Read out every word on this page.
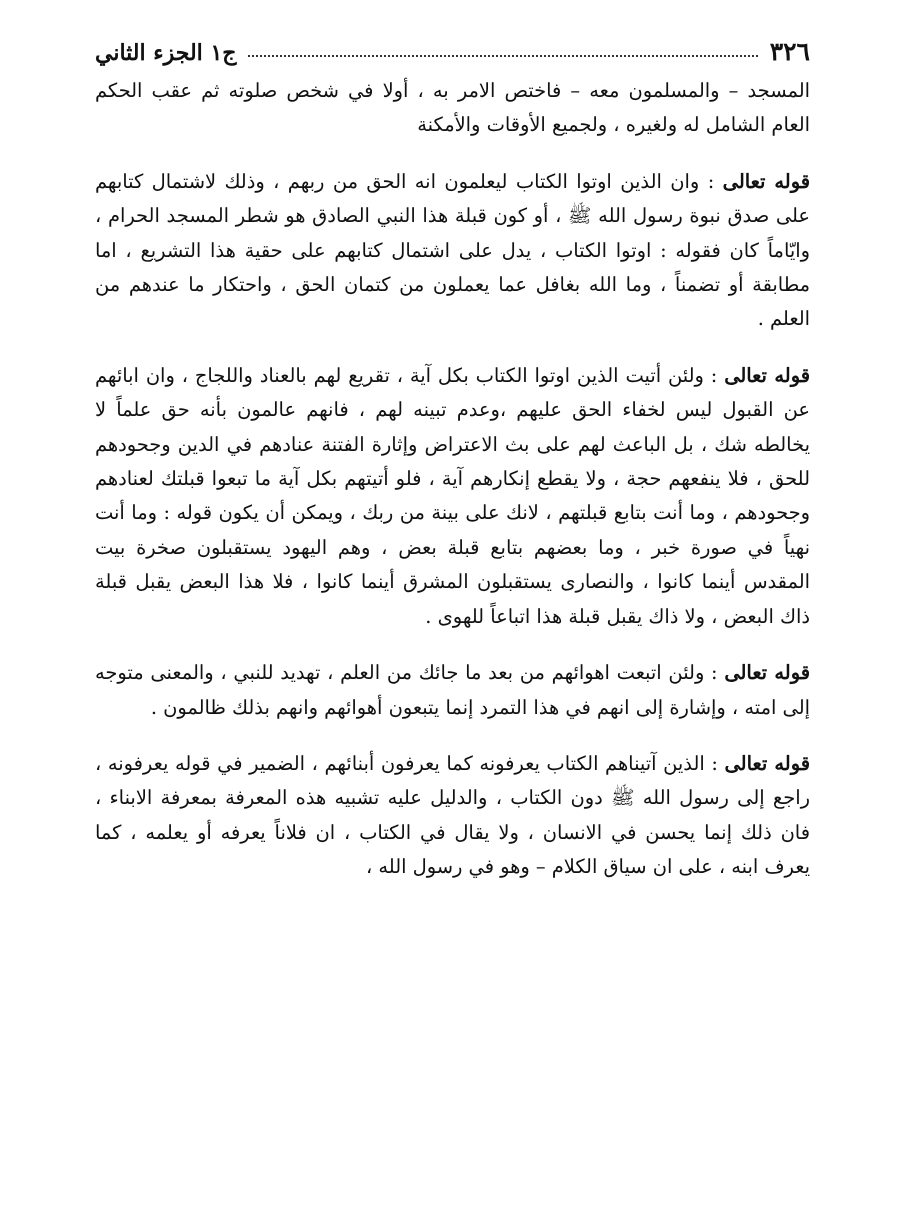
٣٢٦
ج١ الجزء الثاني

المسجد – والمسلمون معه – فاختص الامر به ، أولا في شخص صلوته ثم عقب الحكم العام الشامل له ولغيره ، ولجميع الأوقات والأمكنة

قوله تعالى : وان الذين اوتوا الكتاب ليعلمون انه الحق من ربهم ، وذلك لاشتمال كتابهم على صدق نبوة رسول الله ﷺ ، أو كون قبلة هذا النبي الصادق هو شطر المسجد الحرام ، وايّاماً كان فقوله : اوتوا الكتاب ، يدل على اشتمال كتابهم على حقية هذا التشريع ، اما مطابقة أو تضمناً ، وما الله بغافل عما يعملون من كتمان الحق ، واحتكار ما عندهم من العلم .

قوله تعالى : ولئن أتيت الذين اوتوا الكتاب بكل آية ، تقريع لهم بالعناد واللجاج ، وان ابائهم عن القبول ليس لخفاء الحق عليهم ،وعدم تبينه لهم ، فانهم عالمون بأنه حق علماً لا يخالطه شك ، بل الباعث لهم على بث الاعتراض وإثارة الفتنة عنادهم في الدين وجحودهم للحق ، فلا ينفعهم حجة ، ولا يقطع إنكارهم آية ، فلو أتيتهم بكل آية ما تبعوا قبلتك لعنادهم وجحودهم ، وما أنت بتابع قبلتهم ، لانك على بينة من ربك ، ويمكن أن يكون قوله : وما أنت نهياً في صورة خبر ، وما بعضهم بتابع قبلة بعض ، وهم اليهود يستقبلون صخرة بيت المقدس أينما كانوا ، والنصارى يستقبلون المشرق أينما كانوا ، فلا هذا البعض يقبل قبلة ذاك البعض ، ولا ذاك يقبل قبلة هذا اتباعاً للهوى .

قوله تعالى : ولئن اتبعت اهوائهم من بعد ما جائك من العلم ، تهديد للنبي ، والمعنى متوجه إلى امته ، وإشارة إلى انهم في هذا التمرد إنما يتبعون أهوائهم وانهم بذلك ظالمون .

قوله تعالى : الذين آتيناهم الكتاب يعرفونه كما يعرفون أبنائهم ، الضمير في قوله يعرفونه ، راجع إلى رسول الله ﷺ دون الكتاب ، والدليل عليه تشبيه هذه المعرفة بمعرفة الابناء ، فان ذلك إنما يحسن في الانسان ، ولا يقال في الكتاب ، ان فلاناً يعرفه أو يعلمه ، كما يعرف ابنه ، على ان سياق الكلام – وهو في رسول الله ،
